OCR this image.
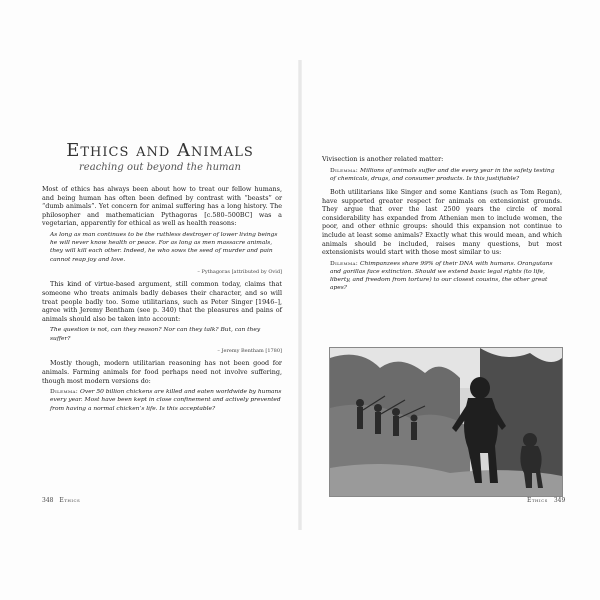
Ethics and Animals
reaching out beyond the human

Most of ethics has always been about how to treat our fellow humans, and being human has often been defined by contrast with “beasts” or “dumb animals”. Yet concern for animal suffering has a long history. The philosopher and mathematician Pythagoras [c.580–500BC] was a vegetarian, apparently for ethical as well as health reasons:

As long as man continues to be the ruthless destroyer of lower living beings he will never know health or peace. For as long as men massacre animals, they will kill each other. Indeed, he who sows the seed of murder and pain cannot reap joy and love.
– Pythagoras [attributed by Ovid]

This kind of virtue-based argument, still common today, claims that someone who treats animals badly debases their character, and so will treat people badly too. Some utilitarians, such as Peter Singer [1946–], agree with Jeremy Bentham (see p. 340) that the pleasures and pains of animals should also be taken into account:

The question is not, can they reason? Nor can they talk? But, can they suffer?
– Jeremy Bentham [1780]

Mostly though, modern utilitarian reasoning has not been good for animals. Farming animals for food perhaps need not involve suffering, though most modern versions do:

Dilemma: Over 50 billion chickens are killed and eaten worldwide by humans every year. Most have been kept in close confinement and actively prevented from having a normal chicken’s life. Is this acceptable?
348 Ethics

Vivisection is another related matter:

Dilemma: Millions of animals suffer and die every year in the safety testing of chemicals, drugs, and consumer products. Is this justifiable?

Both utilitarians like Singer and some Kantians (such as Tom Regan), have supported greater respect for animals on extensionist grounds. They argue that over the last 2500 years the circle of moral considerability has expanded from Athenian men to include women, the poor, and other ethnic groups: should this expansion not continue to include at least some animals? Exactly what this would mean, and which animals should be included, raises many questions, but most extensionists would start with those most similar to us:

Dilemma: Chimpanzees share 99% of their DNA with humans. Orangutans and gorillas face extinction. Should we extend basic legal rights (to life, liberty, and freedom from torture) to our closest cousins, the other great apes?
Ethics 349
